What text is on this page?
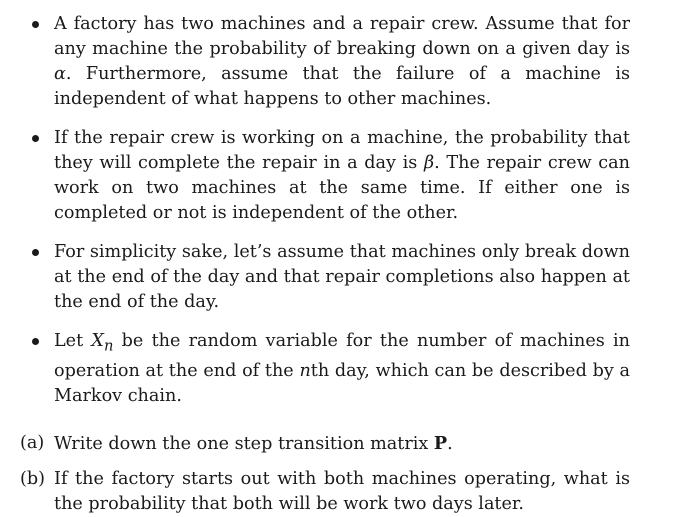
A factory has two machines and a repair crew. Assume that for any machine the probability of breaking down on a given day is α. Furthermore, assume that the failure of a machine is independent of what happens to other machines.
If the repair crew is working on a machine, the probability that they will complete the repair in a day is β. The repair crew can work on two machines at the same time. If either one is completed or not is independent of the other.
For simplicity sake, let’s assume that machines only break down at the end of the day and that repair completions also happen at the end of the day.
Let $X_n$ be the random variable for the number of machines in operation at the end of the nth day, which can be described by a Markov chain.
(a) Write down the one step transition matrix P.
(b) If the factory starts out with both machines operating, what is the probability that both will be work two days later.
